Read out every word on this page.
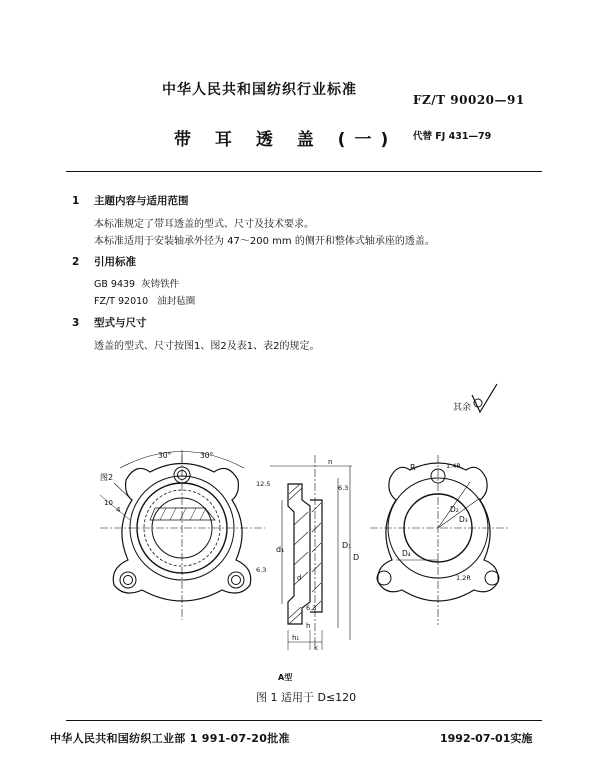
中华人民共和国纺织行业标准
FZ/T 90020—91
带 耳 透 盖 (一) 代替 FJ 431—79
1 主题内容与适用范围
本标准规定了带耳透盖的型式、尺寸及技术要求。
本标准适用于安装轴承外径为 47～200 mm 的侧开和整体式轴承座的透盖。
2 引用标准
GB 9439 灰铸铁件
FZ/T 92010 油封毡圈
3 型式与尺寸
透盖的型式、尺寸按图1、图2及表1、表2的规定。
其余
30°	30°
图2
10
4
D₁
D
d₁
d
h₁
h
k
n
12.5	6.3
6.3
6.3
A型
R	1.4R
D₂
D₃
D₄
1.2R
图 1 适用于 D≤120
中华人民共和国纺织工业部 1 991-07-20批准	1992-07-01实施
